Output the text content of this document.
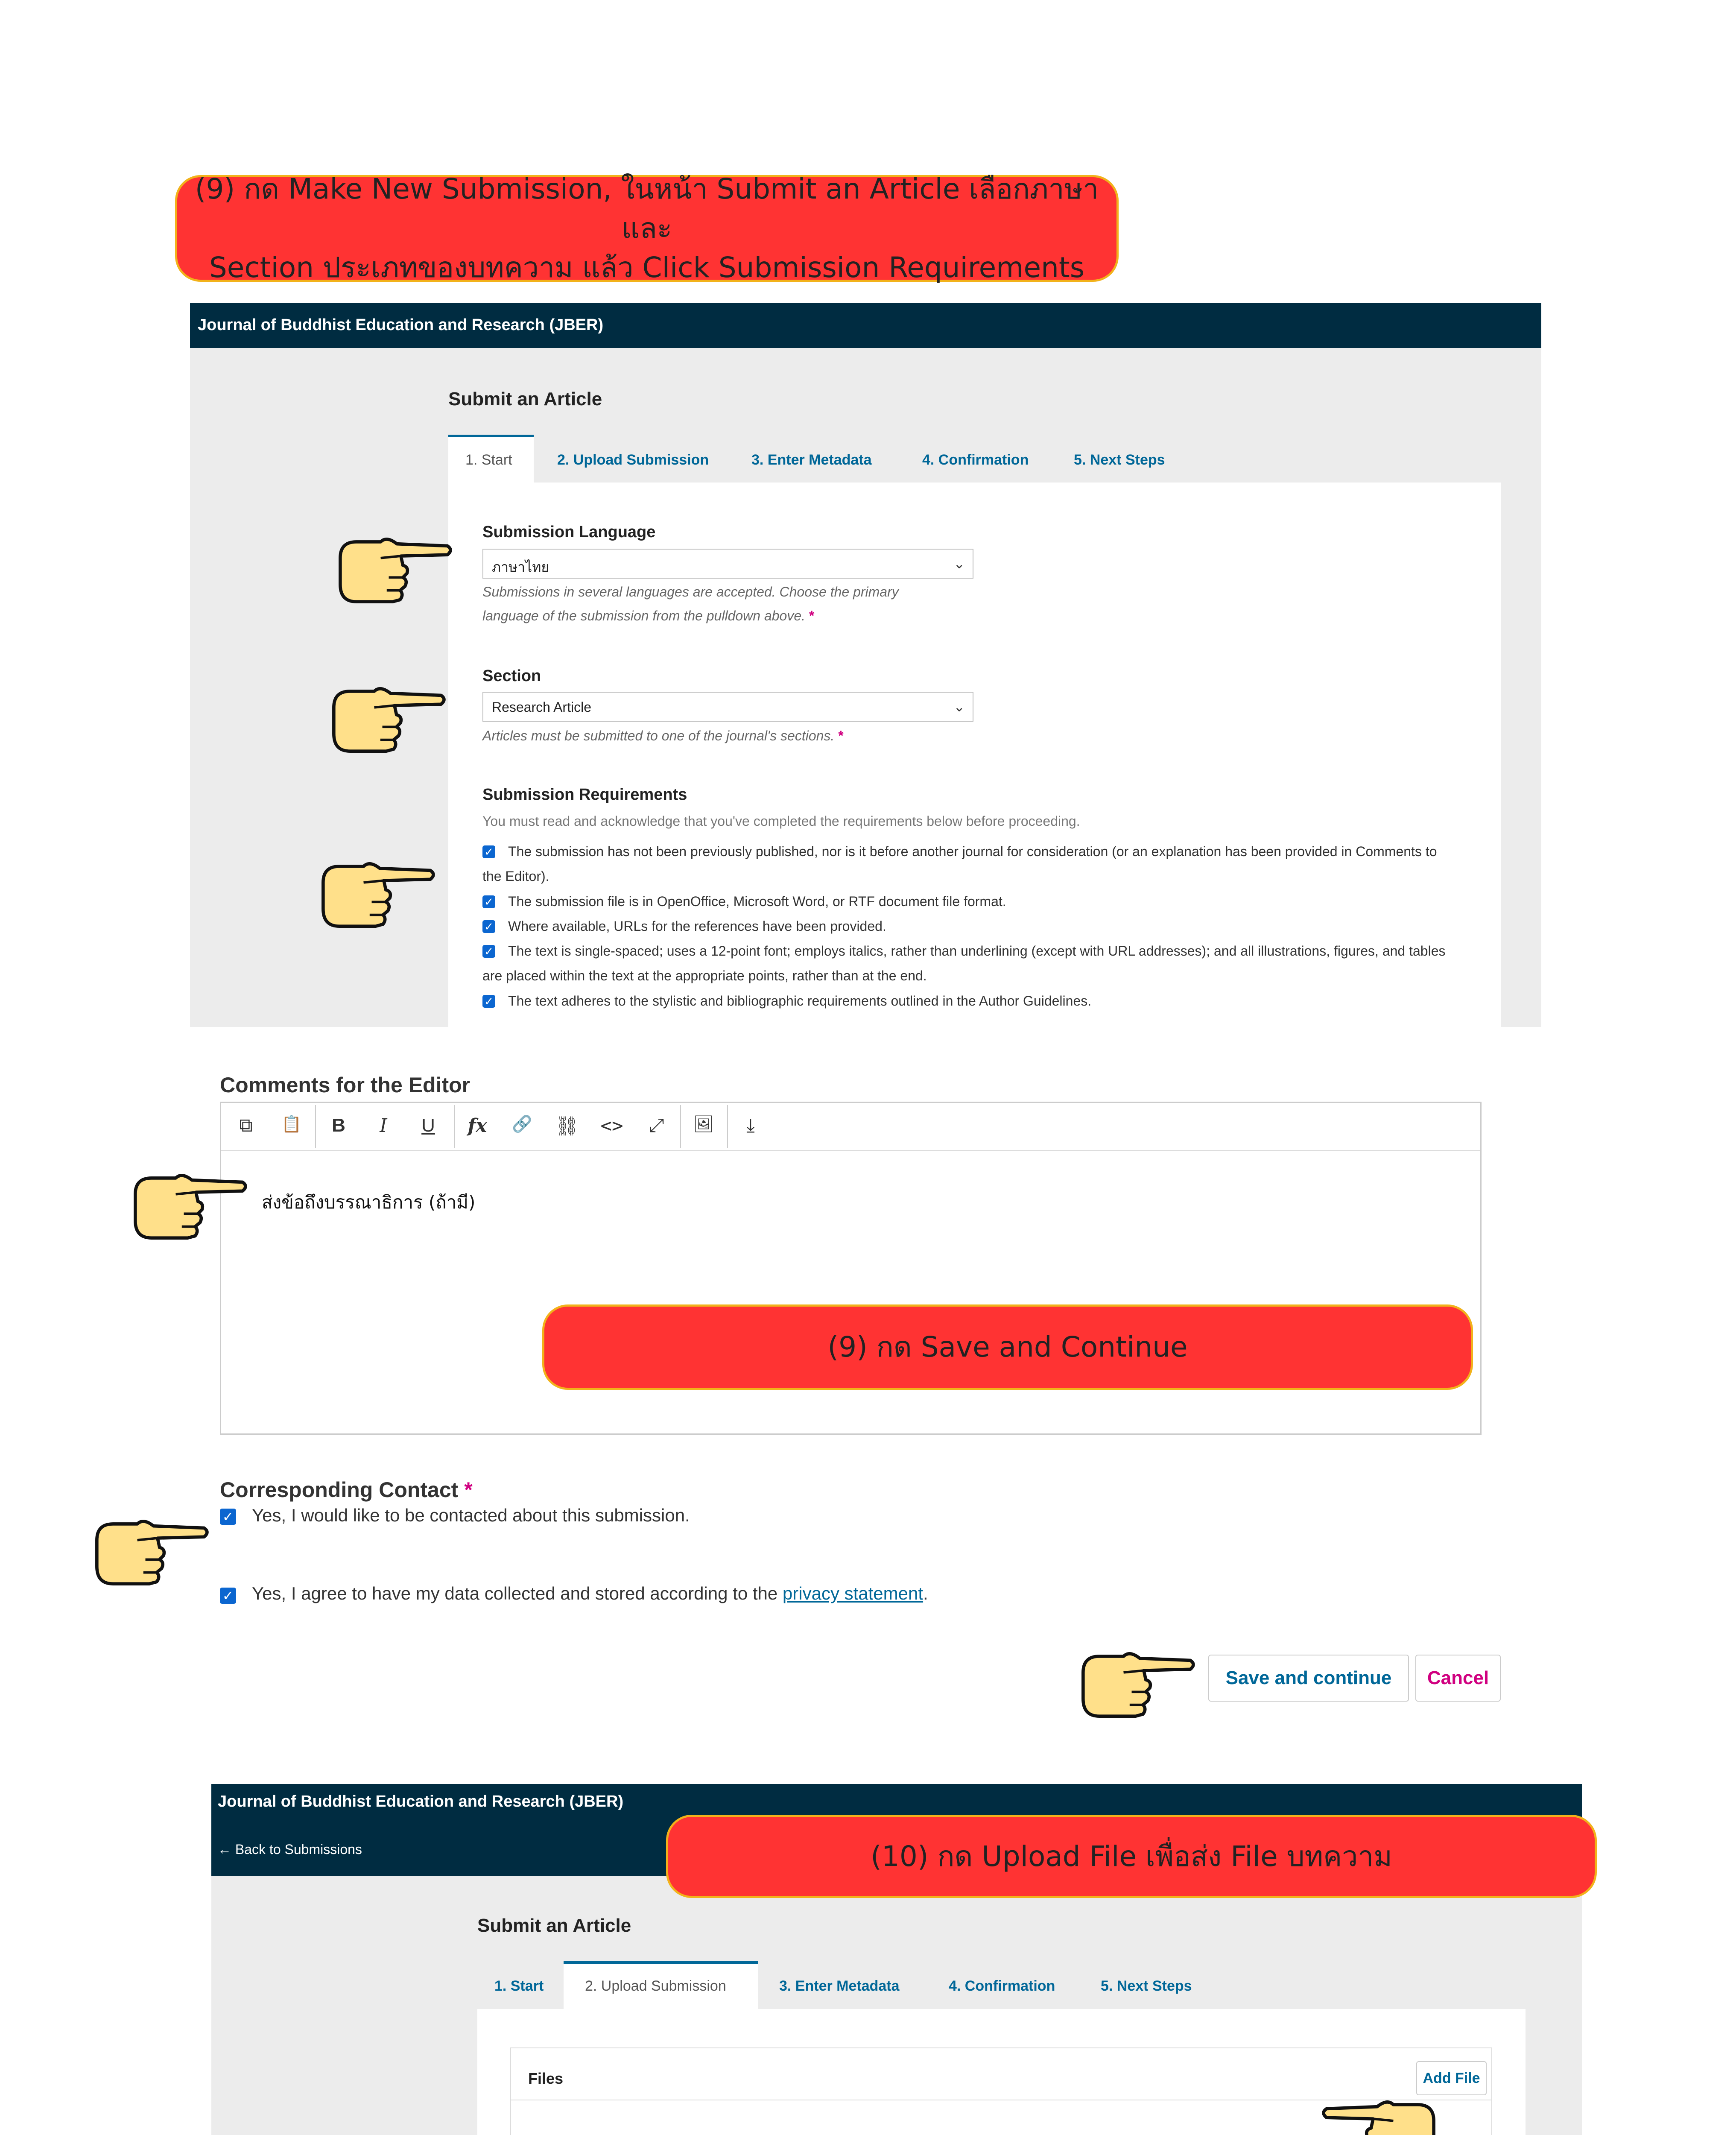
(9) กด Make New Submission, ในหน้า Submit an Article เลือกภาษาและ
Section ประเภทของบทความ แล้ว Click Submission Requirements
Journal of Buddhist Education and Research (JBER)
Submit an Article
1. Start	2. Upload Submission	3. Enter Metadata	4. Confirmation	5. Next Steps
Submission Language
ภาษาไทย	⌄
Submissions in several languages are accepted. Choose the primary
language of the submission from the pulldown above. *
Section
Research Article	⌄
Articles must be submitted to one of the journal's sections. *
Submission Requirements
You must read and acknowledge that you've completed the requirements below before proceeding.
✓	The submission has not been previously published, nor is it before another journal for consideration (or an explanation has been provided in Comments to the Editor).
✓ The submission file is in OpenOffice, Microsoft Word, or RTF document file format.
✓ Where available, URLs for the references have been provided.
✓	The text is single-spaced; uses a 12-point font; employs italics, rather than underlining (except with URL addresses); and all illustrations, figures, and tables are placed within the text at the appropriate points, rather than at the end.
✓ The text adheres to the stylistic and bibliographic requirements outlined in the Author Guidelines.
Comments for the Editor
⧉	📋	B	I	U	fx	🔗	⛓	<>	⤢	🖼	⤓
ส่งข้อถึงบรรณาธิการ (ถ้ามี)
(9) กด Save and Continue
Corresponding Contact *
✓ Yes, I would like to be contacted about this submission.
✓ Yes, I agree to have my data collected and stored according to the privacy statement.
Save and continue	Cancel
Journal of Buddhist Education and Research (JBER)
← Back to Submissions	(10) กด Upload File เพื่อส่ง File บทความ
Submit an Article
1. Start	2. Upload Submission	3. Enter Metadata	4. Confirmation	5. Next Steps
Files	Add File
